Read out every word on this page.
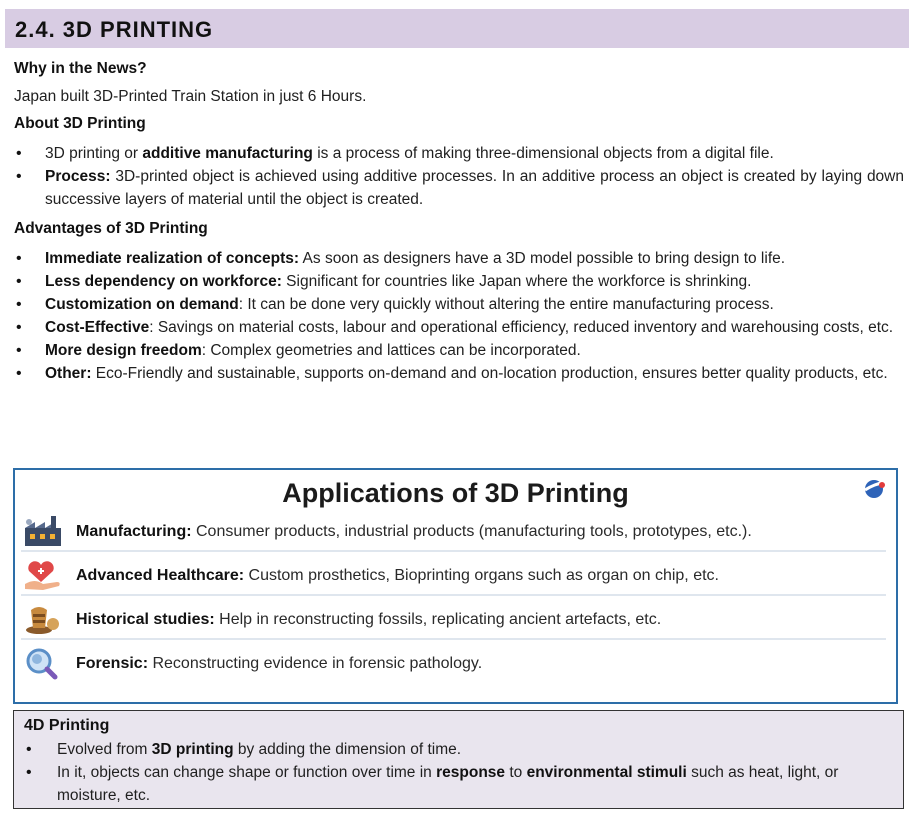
2.4. 3D PRINTING
Why in the News?
Japan built 3D-Printed Train Station in just 6 Hours.
About 3D Printing
• 3D printing or additive manufacturing is a process of making three-dimensional objects from a digital file.
• Process: 3D-printed object is achieved using additive processes. In an additive process an object is created by laying down successive layers of material until the object is created.
Advantages of 3D Printing
• Immediate realization of concepts: As soon as designers have a 3D model possible to bring design to life.
• Less dependency on workforce: Significant for countries like Japan where the workforce is shrinking.
• Customization on demand: It can be done very quickly without altering the entire manufacturing process.
• Cost-Effective: Savings on material costs, labour and operational efficiency, reduced inventory and warehousing costs, etc.
• More design freedom: Complex geometries and lattices can be incorporated.
• Other: Eco-Friendly and sustainable, supports on-demand and on-location production, ensures better quality products, etc.
Applications of 3D Printing
Manufacturing: Consumer products, industrial products (manufacturing tools, prototypes, etc.).
Advanced Healthcare: Custom prosthetics, Bioprinting organs such as organ on chip, etc.
Historical studies: Help in reconstructing fossils, replicating ancient artefacts, etc.
Forensic: Reconstructing evidence in forensic pathology.
4D Printing
• Evolved from 3D printing by adding the dimension of time.
• In it, objects can change shape or function over time in response to environmental stimuli such as heat, light, or moisture, etc.
